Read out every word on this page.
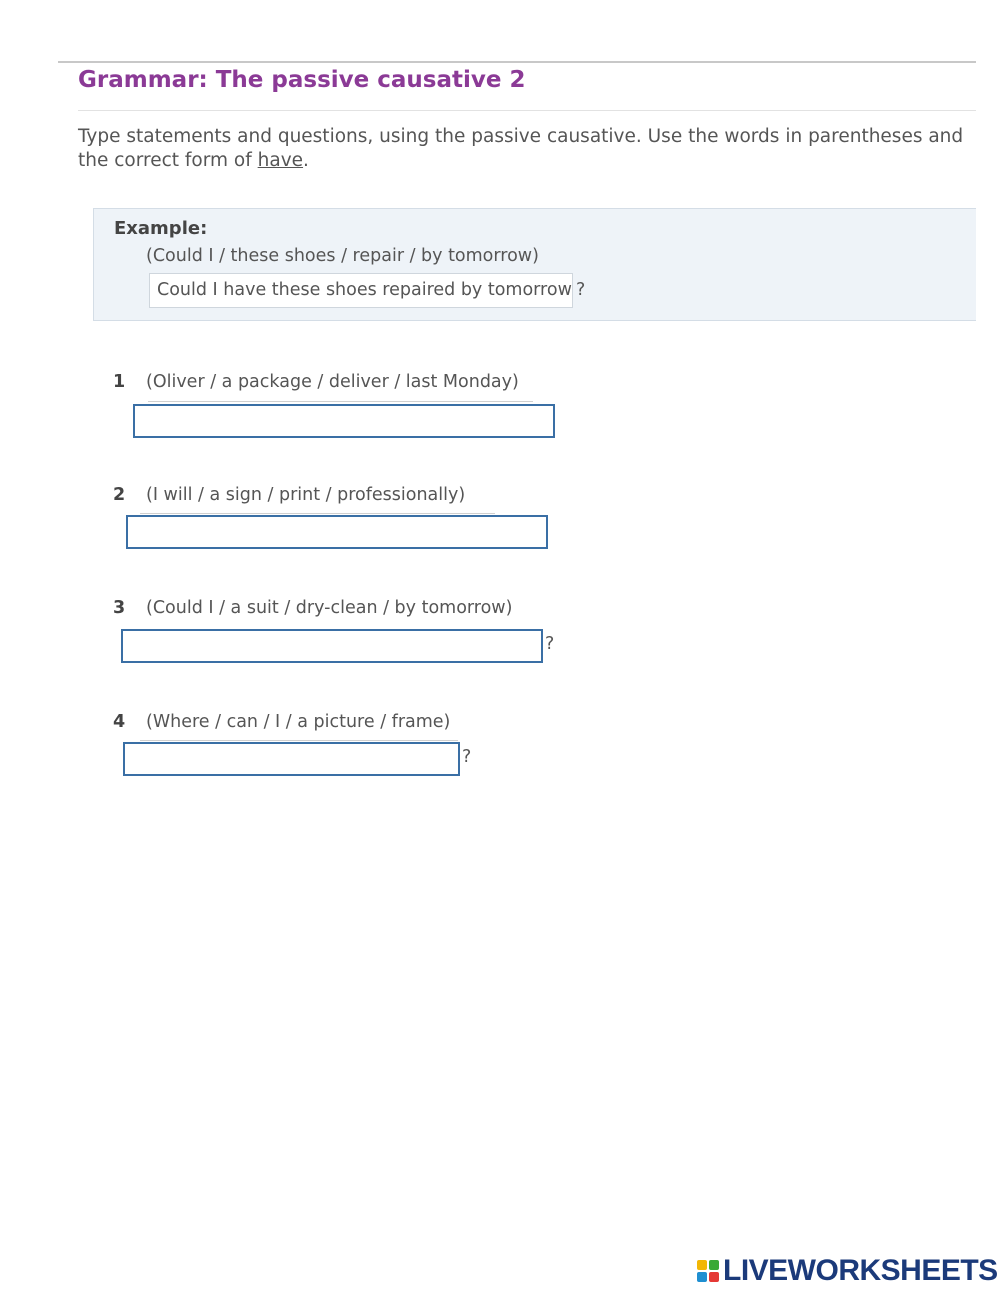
Grammar: The passive causative 2
Type statements and questions, using the passive causative. Use the words in parentheses and the correct form of have.
Example:
(Could I / these shoes / repair / by tomorrow)
Could I have these shoes repaired by tomorrow ?
1 (Oliver / a package / deliver / last Monday)
2 (I will / a sign / print / professionally)
3 (Could I / a suit / dry-clean / by tomorrow)
?
4 (Where / can / I / a picture / frame)
?
LIVEWORKSHEETS
